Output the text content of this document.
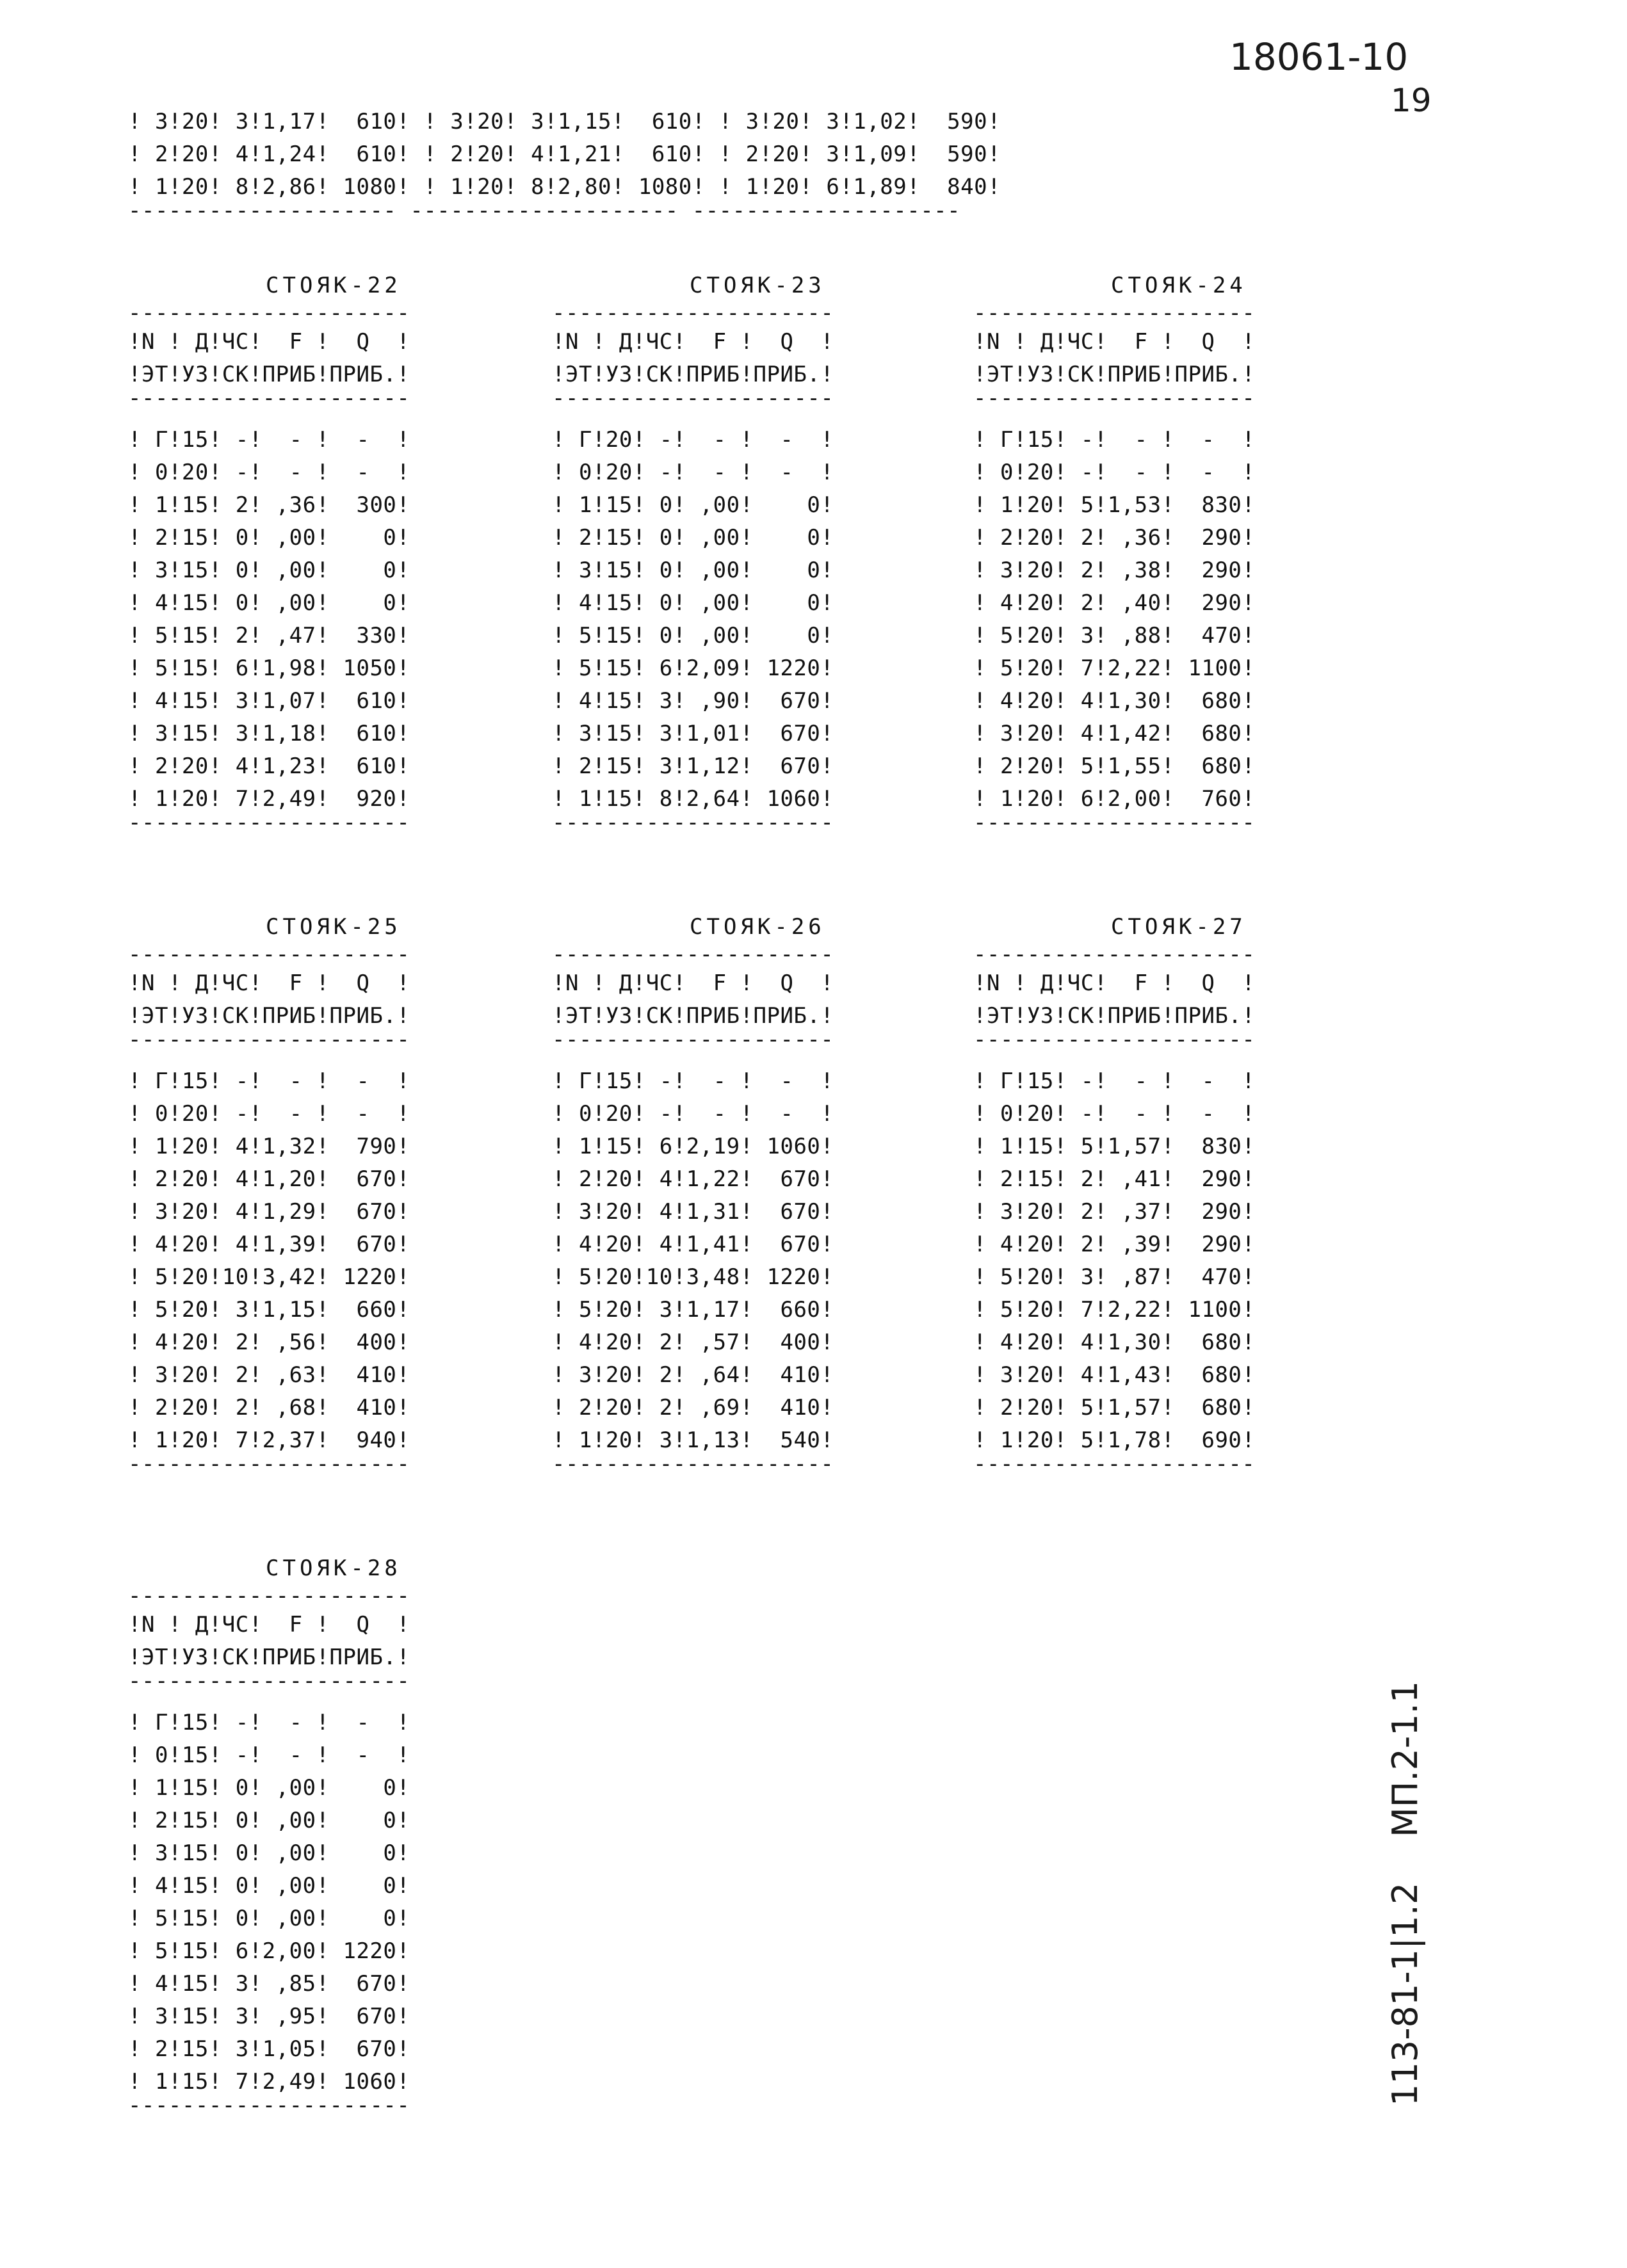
18061-10
19
113-81-1|1.2
МП.2-1.1
! 3!20! 3!1,17!  610! ! 3!20! 3!1,15!  610! ! 3!20! 3!1,02!  590!
! 2!20! 4!1,24!  610! ! 2!20! 4!1,21!  610! ! 2!20! 3!1,09!  590!
! 1!20! 8!2,86! 1080! ! 1!20! 8!2,80! 1080! ! 1!20! 6!1,89!  840!
-------------------- -------------------- --------------------
СТОЯК-22
---------------------
!N ! Д!ЧС!  F !  Q  !
!ЭТ!УЗ!СК!ПРИБ!ПРИБ.!
---------------------
! Г!15! -!  - !  -  !
! 0!20! -!  - !  -  !
! 1!15! 2! ,36!  300!
! 2!15! 0! ,00!    0!
! 3!15! 0! ,00!    0!
! 4!15! 0! ,00!    0!
! 5!15! 2! ,47!  330!
! 5!15! 6!1,98! 1050!
! 4!15! 3!1,07!  610!
! 3!15! 3!1,18!  610!
! 2!20! 4!1,23!  610!
! 1!20! 7!2,49!  920!
---------------------
СТОЯК-23
---------------------
!N ! Д!ЧС!  F !  Q  !
!ЭТ!УЗ!СК!ПРИБ!ПРИБ.!
---------------------
! Г!20! -!  - !  -  !
! 0!20! -!  - !  -  !
! 1!15! 0! ,00!    0!
! 2!15! 0! ,00!    0!
! 3!15! 0! ,00!    0!
! 4!15! 0! ,00!    0!
! 5!15! 0! ,00!    0!
! 5!15! 6!2,09! 1220!
! 4!15! 3! ,90!  670!
! 3!15! 3!1,01!  670!
! 2!15! 3!1,12!  670!
! 1!15! 8!2,64! 1060!
---------------------
СТОЯК-24
---------------------
!N ! Д!ЧС!  F !  Q  !
!ЭТ!УЗ!СК!ПРИБ!ПРИБ.!
---------------------
! Г!15! -!  - !  -  !
! 0!20! -!  - !  -  !
! 1!20! 5!1,53!  830!
! 2!20! 2! ,36!  290!
! 3!20! 2! ,38!  290!
! 4!20! 2! ,40!  290!
! 5!20! 3! ,88!  470!
! 5!20! 7!2,22! 1100!
! 4!20! 4!1,30!  680!
! 3!20! 4!1,42!  680!
! 2!20! 5!1,55!  680!
! 1!20! 6!2,00!  760!
---------------------
СТОЯК-25
---------------------
!N ! Д!ЧС!  F !  Q  !
!ЭТ!УЗ!СК!ПРИБ!ПРИБ.!
---------------------
! Г!15! -!  - !  -  !
! 0!20! -!  - !  -  !
! 1!20! 4!1,32!  790!
! 2!20! 4!1,20!  670!
! 3!20! 4!1,29!  670!
! 4!20! 4!1,39!  670!
! 5!20!10!3,42! 1220!
! 5!20! 3!1,15!  660!
! 4!20! 2! ,56!  400!
! 3!20! 2! ,63!  410!
! 2!20! 2! ,68!  410!
! 1!20! 7!2,37!  940!
---------------------
СТОЯК-26
---------------------
!N ! Д!ЧС!  F !  Q  !
!ЭТ!УЗ!СК!ПРИБ!ПРИБ.!
---------------------
! Г!15! -!  - !  -  !
! 0!20! -!  - !  -  !
! 1!15! 6!2,19! 1060!
! 2!20! 4!1,22!  670!
! 3!20! 4!1,31!  670!
! 4!20! 4!1,41!  670!
! 5!20!10!3,48! 1220!
! 5!20! 3!1,17!  660!
! 4!20! 2! ,57!  400!
! 3!20! 2! ,64!  410!
! 2!20! 2! ,69!  410!
! 1!20! 3!1,13!  540!
---------------------
СТОЯК-27
---------------------
!N ! Д!ЧС!  F !  Q  !
!ЭТ!УЗ!СК!ПРИБ!ПРИБ.!
---------------------
! Г!15! -!  - !  -  !
! 0!20! -!  - !  -  !
! 1!15! 5!1,57!  830!
! 2!15! 2! ,41!  290!
! 3!20! 2! ,37!  290!
! 4!20! 2! ,39!  290!
! 5!20! 3! ,87!  470!
! 5!20! 7!2,22! 1100!
! 4!20! 4!1,30!  680!
! 3!20! 4!1,43!  680!
! 2!20! 5!1,57!  680!
! 1!20! 5!1,78!  690!
---------------------
СТОЯК-28
---------------------
!N ! Д!ЧС!  F !  Q  !
!ЭТ!УЗ!СК!ПРИБ!ПРИБ.!
---------------------
! Г!15! -!  - !  -  !
! 0!15! -!  - !  -  !
! 1!15! 0! ,00!    0!
! 2!15! 0! ,00!    0!
! 3!15! 0! ,00!    0!
! 4!15! 0! ,00!    0!
! 5!15! 0! ,00!    0!
! 5!15! 6!2,00! 1220!
! 4!15! 3! ,85!  670!
! 3!15! 3! ,95!  670!
! 2!15! 3!1,05!  670!
! 1!15! 7!2,49! 1060!
---------------------
